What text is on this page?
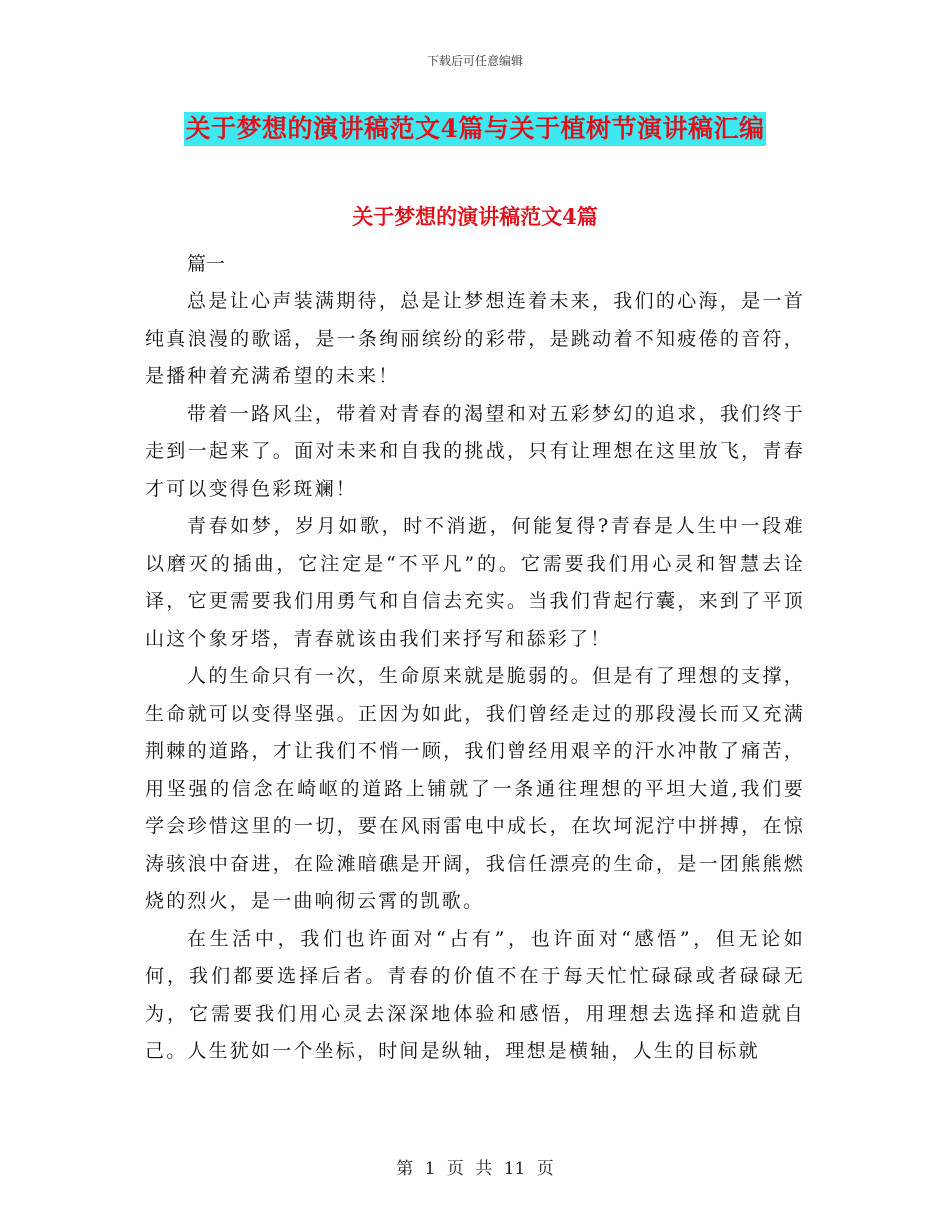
下载后可任意编辑
关于梦想的演讲稿范文4篇与关于植树节演讲稿汇编
关于梦想的演讲稿范文4篇

篇一

总是让心声装满期待，总是让梦想连着未来，我们的心海，是一首纯真浪漫的歌谣，是一条绚丽缤纷的彩带，是跳动着不知疲倦的音符，是播种着充满希望的未来！

带着一路风尘，带着对青春的渴望和对五彩梦幻的追求，我们终于走到一起来了。面对未来和自我的挑战，只有让理想在这里放飞，青春才可以变得色彩斑斓！

青春如梦，岁月如歌，时不消逝，何能复得?青春是人生中一段难以磨灭的插曲，它注定是“不平凡”的。它需要我们用心灵和智慧去诠译，它更需要我们用勇气和自信去充实。当我们背起行囊，来到了平顶山这个象牙塔，青春就该由我们来抒写和舔彩了！

人的生命只有一次，生命原来就是脆弱的。但是有了理想的支撑，生命就可以变得坚强。正因为如此，我们曾经走过的那段漫长而又充满荆棘的道路，才让我们不悄一顾，我们曾经用艰辛的汗水冲散了痛苦，用坚强的信念在崎岖的道路上铺就了一条通往理想的平坦大道,我们要学会珍惜这里的一切，要在风雨雷电中成长，在坎坷泥泞中拼搏，在惊涛骇浪中奋进，在险滩暗礁是开阔，我信任漂亮的生命，是一团熊熊燃烧的烈火，是一曲响彻云霄的凯歌。

在生活中，我们也许面对“占有”，也许面对“感悟”，但无论如何，我们都要选择后者。青春的价值不在于每天忙忙碌碌或者碌碌无为，它需要我们用心灵去深深地体验和感悟，用理想去选择和造就自己。人生犹如一个坐标，时间是纵轴，理想是横轴，人生的目标就

第 1 页 共 11 页
